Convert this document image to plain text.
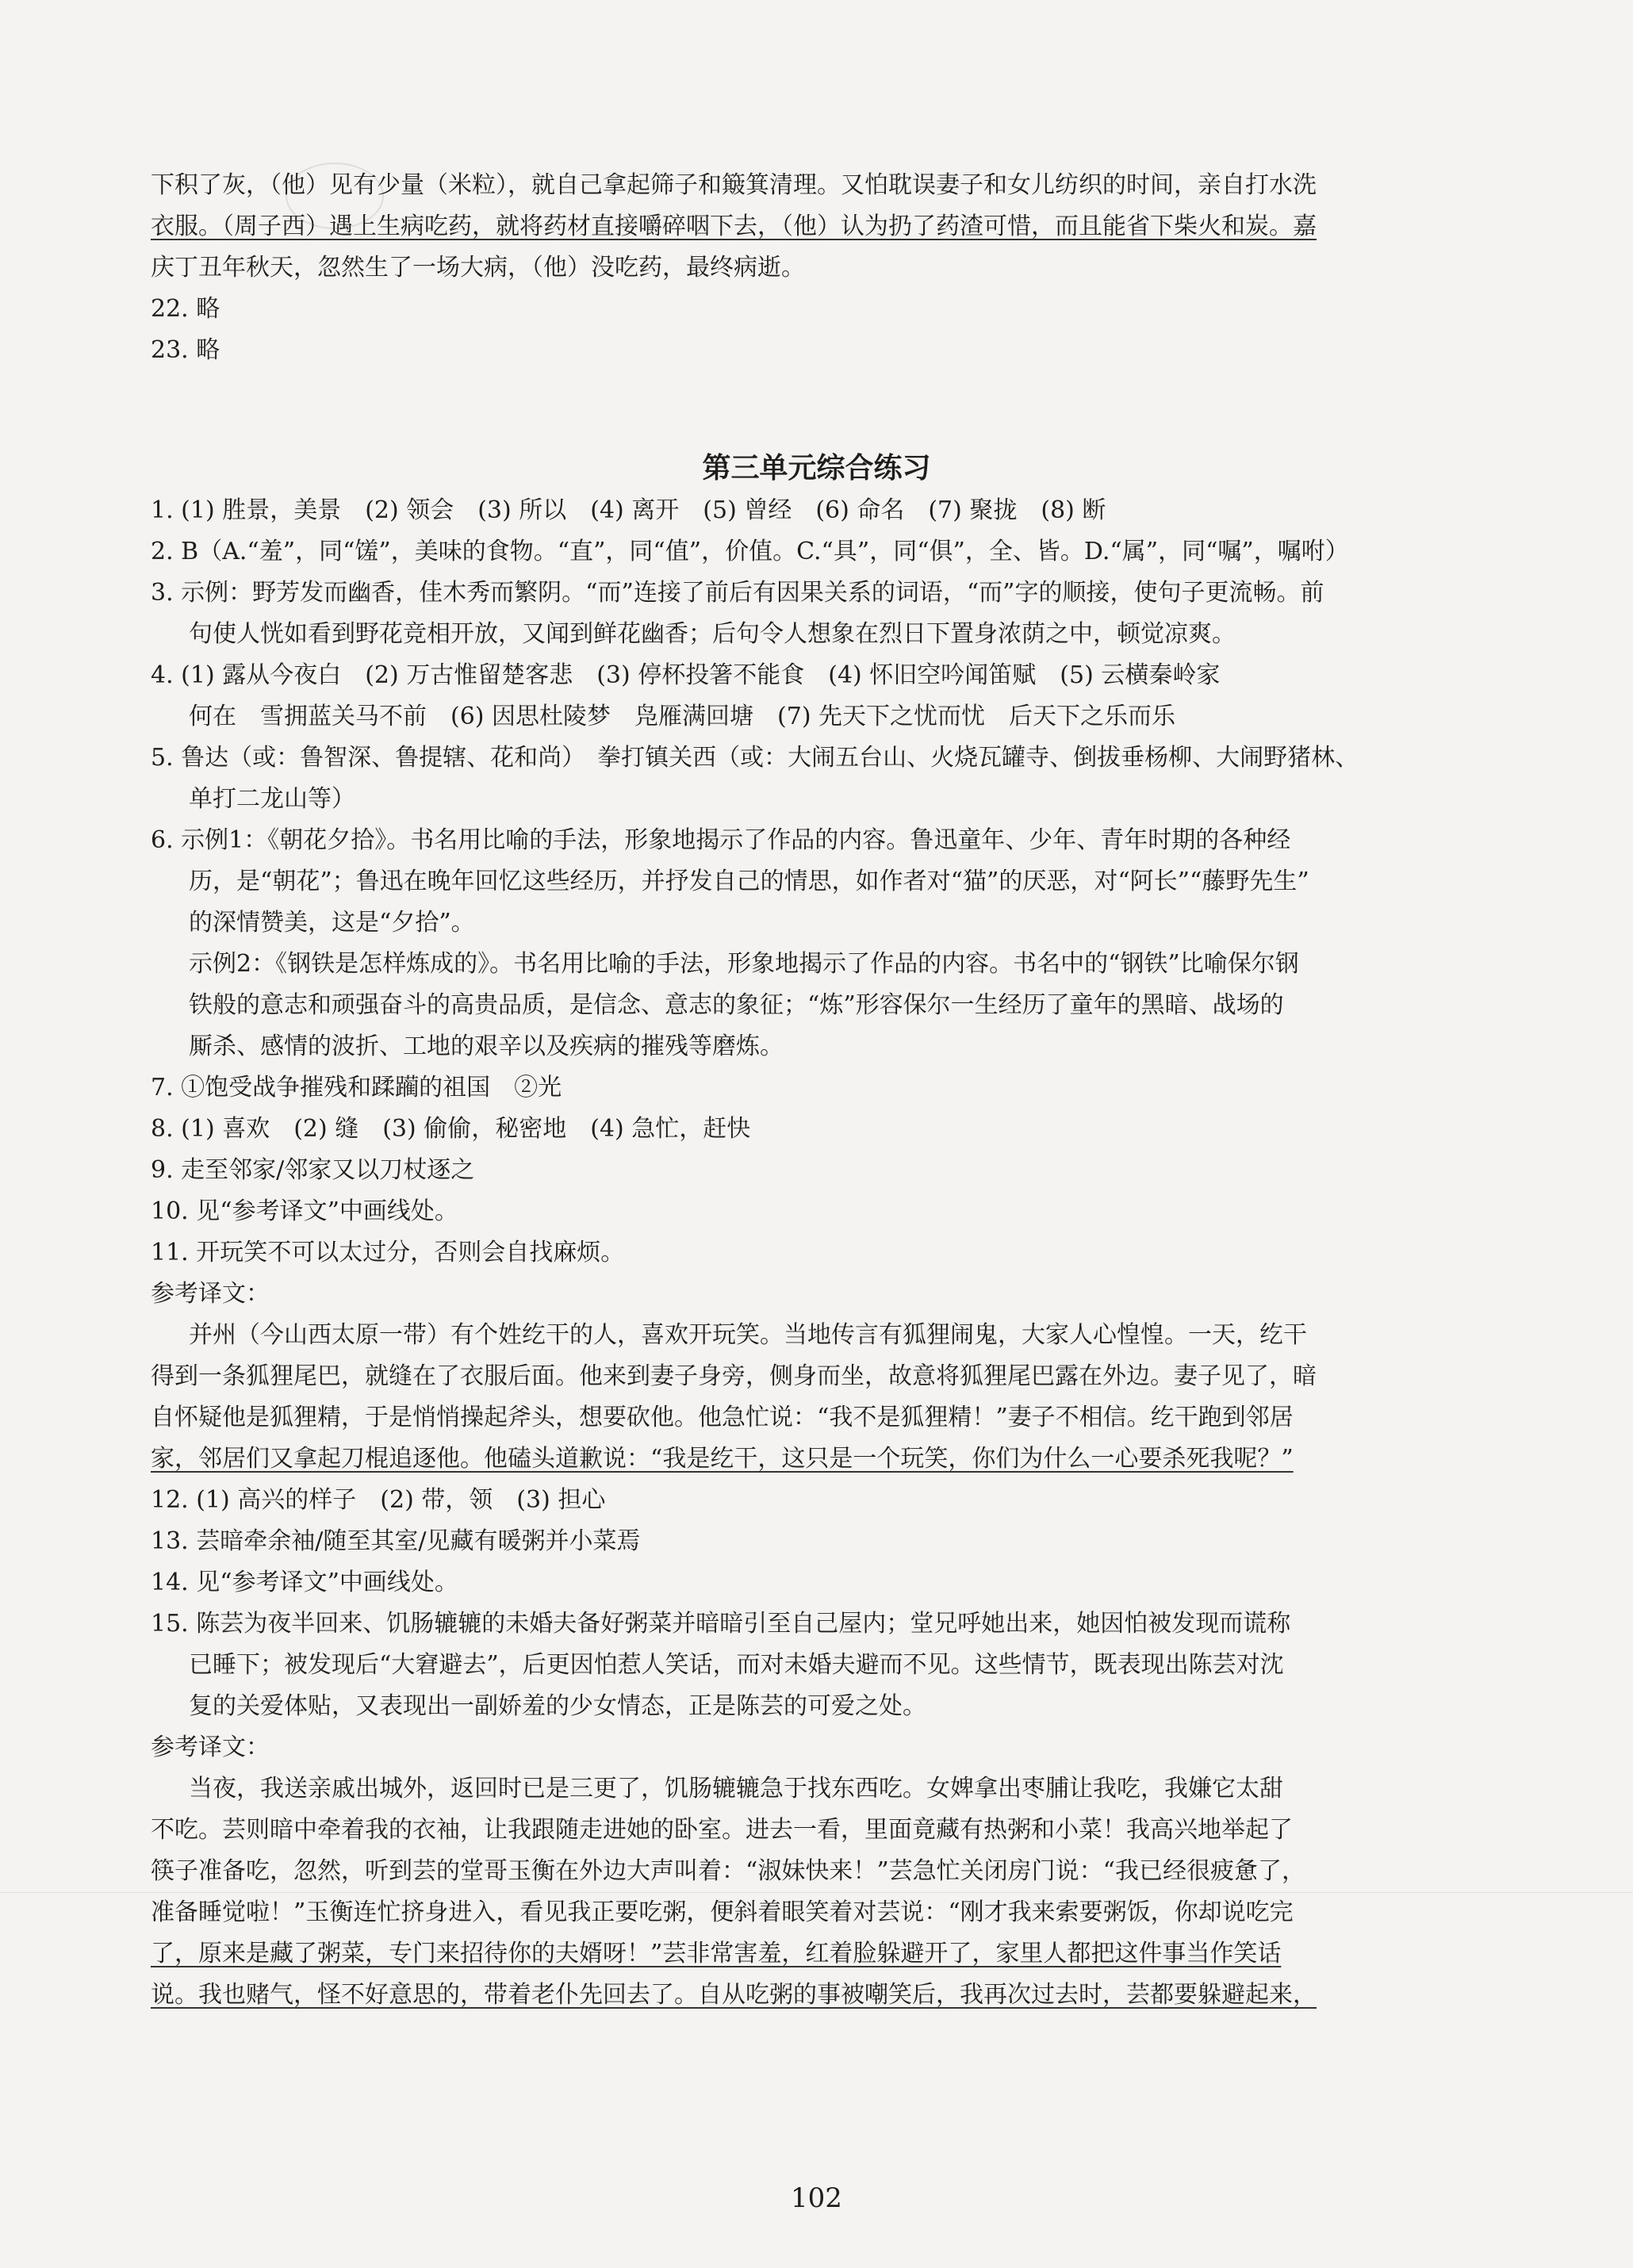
下积了灰，（他）见有少量（米粒），就自己拿起筛子和簸箕清理。又怕耽误妻子和女儿纺织的时间，亲自打水洗
衣服。（周子西）遇上生病吃药，就将药材直接嚼碎咽下去，（他）认为扔了药渣可惜，而且能省下柴火和炭。嘉
庆丁丑年秋天，忽然生了一场大病，（他）没吃药，最终病逝。
22. 略
23. 略
第三单元综合练习
1. (1) 胜景，美景　(2) 领会　(3) 所以　(4) 离开　(5) 曾经　(6) 命名　(7) 聚拢　(8) 断
2. B（A.“羞”，同“馐”，美味的食物。“直”，同“值”，价值。C.“具”，同“俱”，全、皆。D.“属”，同“嘱”，嘱咐）
3. 示例：野芳发而幽香，佳木秀而繁阴。“而”连接了前后有因果关系的词语，“而”字的顺接，使句子更流畅。前
句使人恍如看到野花竞相开放，又闻到鲜花幽香；后句令人想象在烈日下置身浓荫之中，顿觉凉爽。
4. (1) 露从今夜白　(2) 万古惟留楚客悲　(3) 停杯投箸不能食　(4) 怀旧空吟闻笛赋　(5) 云横秦岭家
何在　雪拥蓝关马不前　(6) 因思杜陵梦　凫雁满回塘　(7) 先天下之忧而忧　后天下之乐而乐
5. 鲁达（或：鲁智深、鲁提辖、花和尚）　拳打镇关西（或：大闹五台山、火烧瓦罐寺、倒拔垂杨柳、大闹野猪林、
单打二龙山等）
6. 示例1：《朝花夕拾》。书名用比喻的手法，形象地揭示了作品的内容。鲁迅童年、少年、青年时期的各种经
历，是“朝花”；鲁迅在晚年回忆这些经历，并抒发自己的情思，如作者对“猫”的厌恶，对“阿长”“藤野先生”
的深情赞美，这是“夕拾”。
示例2：《钢铁是怎样炼成的》。书名用比喻的手法，形象地揭示了作品的内容。书名中的“钢铁”比喻保尔钢
铁般的意志和顽强奋斗的高贵品质，是信念、意志的象征；“炼”形容保尔一生经历了童年的黑暗、战场的
厮杀、感情的波折、工地的艰辛以及疾病的摧残等磨炼。
7. ①饱受战争摧残和蹂躏的祖国　②光
8. (1) 喜欢　(2) 缝　(3) 偷偷，秘密地　(4) 急忙，赶快
9. 走至邻家/邻家又以刀杖逐之
10. 见“参考译文”中画线处。
11. 开玩笑不可以太过分，否则会自找麻烦。
参考译文：
并州（今山西太原一带）有个姓纥干的人，喜欢开玩笑。当地传言有狐狸闹鬼，大家人心惶惶。一天，纥干
得到一条狐狸尾巴，就缝在了衣服后面。他来到妻子身旁，侧身而坐，故意将狐狸尾巴露在外边。妻子见了，暗
自怀疑他是狐狸精，于是悄悄操起斧头，想要砍他。他急忙说：“我不是狐狸精！”妻子不相信。纥干跑到邻居
家，邻居们又拿起刀棍追逐他。他磕头道歉说：“我是纥干，这只是一个玩笑，你们为什么一心要杀死我呢？”
12. (1) 高兴的样子　(2) 带，领　(3) 担心
13. 芸暗牵余袖/随至其室/见藏有暖粥并小菜焉
14. 见“参考译文”中画线处。
15. 陈芸为夜半回来、饥肠辘辘的未婚夫备好粥菜并暗暗引至自己屋内；堂兄呼她出来，她因怕被发现而谎称
已睡下；被发现后“大窘避去”，后更因怕惹人笑话，而对未婚夫避而不见。这些情节，既表现出陈芸对沈
复的关爱体贴，又表现出一副娇羞的少女情态，正是陈芸的可爱之处。
参考译文：
当夜，我送亲戚出城外，返回时已是三更了，饥肠辘辘急于找东西吃。女婢拿出枣脯让我吃，我嫌它太甜
不吃。芸则暗中牵着我的衣袖，让我跟随走进她的卧室。进去一看，里面竟藏有热粥和小菜！我高兴地举起了
筷子准备吃，忽然，听到芸的堂哥玉衡在外边大声叫着：“淑妹快来！”芸急忙关闭房门说：“我已经很疲惫了，
准备睡觉啦！”玉衡连忙挤身进入，看见我正要吃粥，便斜着眼笑着对芸说：“刚才我来索要粥饭，你却说吃完
了，原来是藏了粥菜，专门来招待你的夫婿呀！”芸非常害羞，红着脸躲避开了，家里人都把这件事当作笑话
说。我也赌气，怪不好意思的，带着老仆先回去了。自从吃粥的事被嘲笑后，我再次过去时，芸都要躲避起来，
102
